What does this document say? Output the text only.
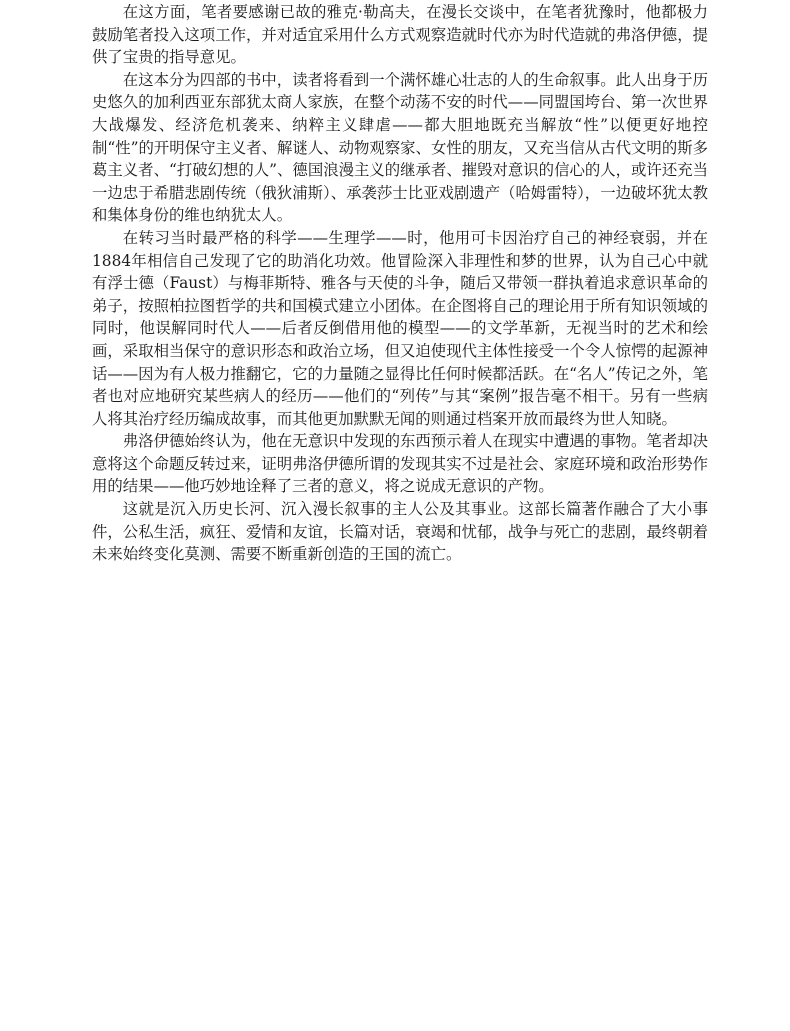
在这方面，笔者要感谢已故的雅克·勒高夫，在漫长交谈中，在笔者犹豫时，他都极力鼓励笔者投入这项工作，并对适宜采用什么方式观察造就时代亦为时代造就的弗洛伊德，提供了宝贵的指导意见。

在这本分为四部的书中，读者将看到一个满怀雄心壮志的人的生命叙事。此人出身于历史悠久的加利西亚东部犹太商人家族，在整个动荡不安的时代——同盟国垮台、第一次世界大战爆发、经济危机袭来、纳粹主义肆虐——都大胆地既充当解放“性”以便更好地控制“性”的开明保守主义者、解谜人、动物观察家、女性的朋友，又充当信从古代文明的斯多葛主义者、“打破幻想的人”、德国浪漫主义的继承者、摧毁对意识的信心的人，或许还充当一边忠于希腊悲剧传统（俄狄浦斯）、承袭莎士比亚戏剧遗产（哈姆雷特），一边破坏犹太教和集体身份的维也纳犹太人。

在转习当时最严格的科学——生理学——时，他用可卡因治疗自己的神经衰弱，并在1884年相信自己发现了它的助消化功效。他冒险深入非理性和梦的世界，认为自己心中就有浮士德（Faust）与梅菲斯特、雅各与天使的斗争，随后又带领一群执着追求意识革命的弟子，按照柏拉图哲学的共和国模式建立小团体。在企图将自己的理论用于所有知识领域的同时，他误解同时代人——后者反倒借用他的模型——的文学革新，无视当时的艺术和绘画，采取相当保守的意识形态和政治立场，但又迫使现代主体性接受一个令人惊愕的起源神话——因为有人极力推翻它，它的力量随之显得比任何时候都活跃。在“名人”传记之外，笔者也对应地研究某些病人的经历——他们的“列传”与其“案例”报告毫不相干。另有一些病人将其治疗经历编成故事，而其他更加默默无闻的则通过档案开放而最终为世人知晓。

弗洛伊德始终认为，他在无意识中发现的东西预示着人在现实中遭遇的事物。笔者却决意将这个命题反转过来，证明弗洛伊德所谓的发现其实不过是社会、家庭环境和政治形势作用的结果——他巧妙地诠释了三者的意义，将之说成无意识的产物。

这就是沉入历史长河、沉入漫长叙事的主人公及其事业。这部长篇著作融合了大小事件，公私生活，疯狂、爱情和友谊，长篇对话，衰竭和忧郁，战争与死亡的悲剧，最终朝着未来始终变化莫测、需要不断重新创造的王国的流亡。
